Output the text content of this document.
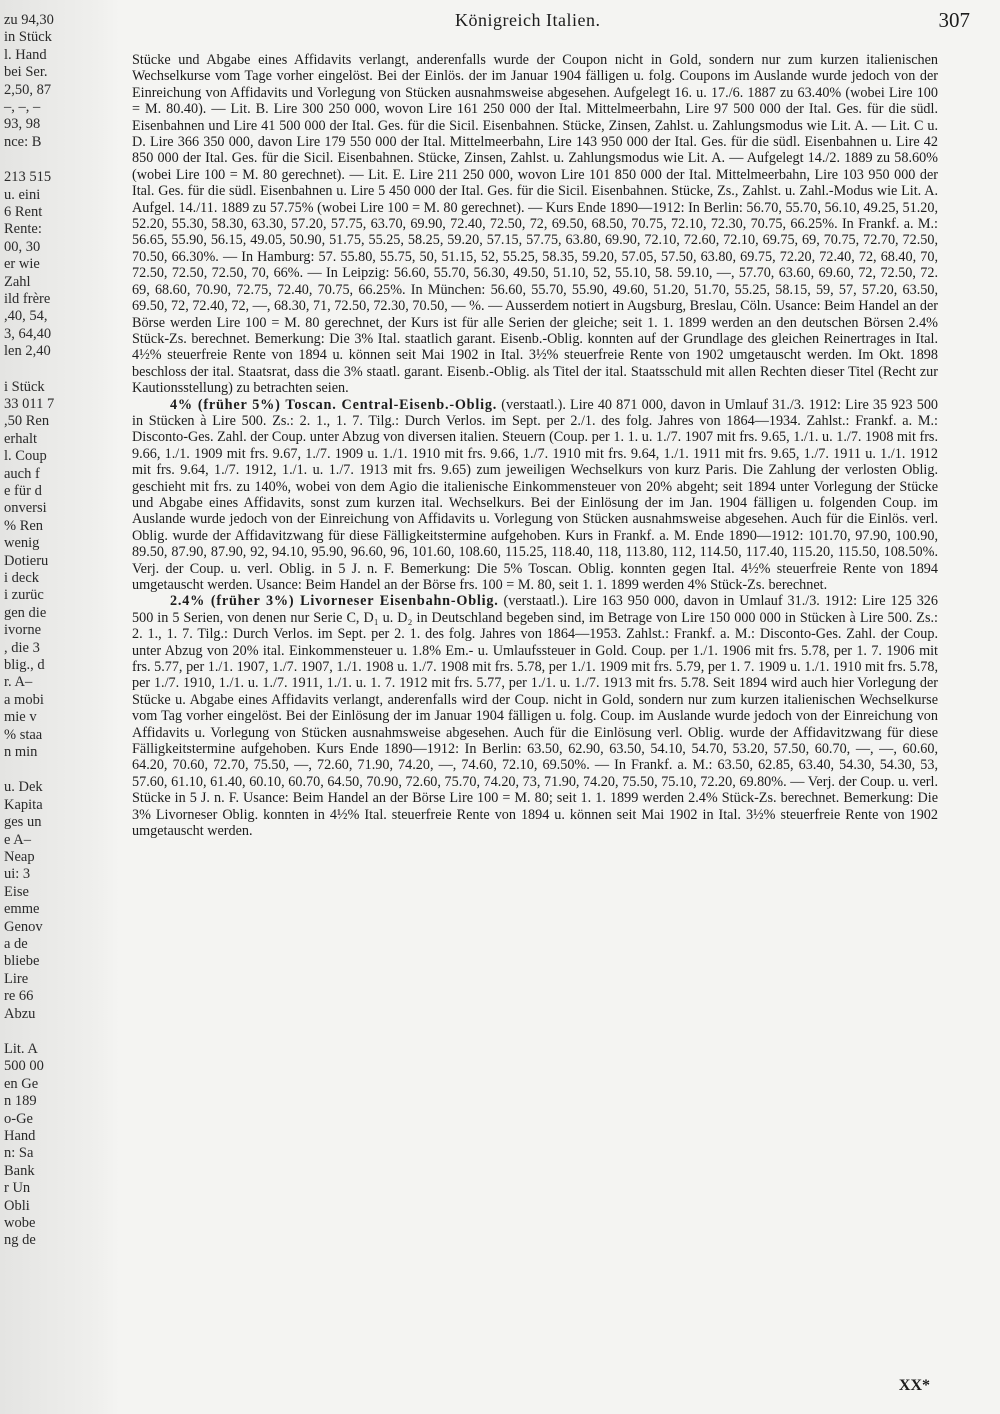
zu 94,30
in Stück
l. Hand
bei Ser.
2,50, 87
–, –, –
93, 98
nce: B
213 515
u. eini
6 Rent
Rente:
00, 30
er wie
Zahl
ild frère
,40, 54,
3, 64,40
len 2,40
i Stück
33 011 7
,50 Ren
erhalt
l. Coup
auch f
e für d
onversi
% Ren
wenig
Dotieru
i deck
i zurüc
gen die
ivorne
, die 3
blig., d
r. A–
a mobi
mie v
% staa
n min
u. Dek
Kapita
ges un
e A–
Neap
ui: 3
Eise
emme
Genov
a de
bliebe
Lire
re 66
Abzu
Lit. A
500 00
en Ge
n 189
o-Ge
Hand
n: Sa
Bank
r Un
Obli
wobe
ng de
Königreich Italien.	307

Stücke und Abgabe eines Affidavits verlangt, anderenfalls wurde der Coupon nicht in Gold, sondern nur zum kurzen italienischen Wechselkurse vom Tage vorher eingelöst. Bei der Einlös. der im Januar 1904 fälligen u. folg. Coupons im Auslande wurde jedoch von der Einreichung von Affidavits und Vorlegung von Stücken ausnahmsweise abgesehen. Aufgelegt 16. u. 17./6. 1887 zu 63.40% (wobei Lire 100 = M. 80.40). — Lit. B. Lire 300 250 000, wovon Lire 161 250 000 der Ital. Mittelmeerbahn, Lire 97 500 000 der Ital. Ges. für die südl. Eisenbahnen und Lire 41 500 000 der Ital. Ges. für die Sicil. Eisenbahnen. Stücke, Zinsen, Zahlst. u. Zahlungsmodus wie Lit. A. — Lit. C u. D. Lire 366 350 000, davon Lire 179 550 000 der Ital. Mittelmeerbahn, Lire 143 950 000 der Ital. Ges. für die südl. Eisenbahnen u. Lire 42 850 000 der Ital. Ges. für die Sicil. Eisenbahnen. Stücke, Zinsen, Zahlst. u. Zahlungsmodus wie Lit. A. — Aufgelegt 14./2. 1889 zu 58.60% (wobei Lire 100 = M. 80 gerechnet). — Lit. E. Lire 211 250 000, wovon Lire 101 850 000 der Ital. Mittelmeerbahn, Lire 103 950 000 der Ital. Ges. für die südl. Eisenbahnen u. Lire 5 450 000 der Ital. Ges. für die Sicil. Eisenbahnen. Stücke, Zs., Zahlst. u. Zahl.-Modus wie Lit. A. Aufgel. 14./11. 1889 zu 57.75% (wobei Lire 100 = M. 80 gerechnet). — Kurs Ende 1890—1912: In Berlin: 56.70, 55.70, 56.10, 49.25, 51.20, 52.20, 55.30, 58.30, 63.30, 57.20, 57.75, 63.70, 69.90, 72.40, 72.50, 72, 69.50, 68.50, 70.75, 72.10, 72.30, 70.75, 66.25%. In Frankf. a. M.: 56.65, 55.90, 56.15, 49.05, 50.90, 51.75, 55.25, 58.25, 59.20, 57.15, 57.75, 63.80, 69.90, 72.10, 72.60, 72.10, 69.75, 69, 70.75, 72.70, 72.50, 70.50, 66.30%. — In Hamburg: 57. 55.80, 55.75, 50, 51.15, 52, 55.25, 58.35, 59.20, 57.05, 57.50, 63.80, 69.75, 72.20, 72.40, 72, 68.40, 70, 72.50, 72.50, 72.50, 70, 66%. — In Leipzig: 56.60, 55.70, 56.30, 49.50, 51.10, 52, 55.10, 58. 59.10, —, 57.70, 63.60, 69.60, 72, 72.50, 72. 69, 68.60, 70.90, 72.75, 72.40, 70.75, 66.25%. In München: 56.60, 55.70, 55.90, 49.60, 51.20, 51.70, 55.25, 58.15, 59, 57, 57.20, 63.50, 69.50, 72, 72.40, 72, —, 68.30, 71, 72.50, 72.30, 70.50, — %. — Ausserdem notiert in Augsburg, Breslau, Cöln. Usance: Beim Handel an der Börse werden Lire 100 = M. 80 gerechnet, der Kurs ist für alle Serien der gleiche; seit 1. 1. 1899 werden an den deutschen Börsen 2.4% Stück-Zs. berechnet. Bemerkung: Die 3% Ital. staatlich garant. Eisenb.-Oblig. konnten auf der Grundlage des gleichen Reinertrages in Ital. 4½% steuerfreie Rente von 1894 u. können seit Mai 1902 in Ital. 3½% steuerfreie Rente von 1902 umgetauscht werden. Im Okt. 1898 beschloss der ital. Staatsrat, dass die 3% staatl. garant. Eisenb.-Oblig. als Titel der ital. Staatsschuld mit allen Rechten dieser Titel (Recht zur Kautionsstellung) zu betrachten seien.

4% (früher 5%) Toscan. Central-Eisenb.-Oblig. (verstaatl.). Lire 40 871 000, davon in Umlauf 31./3. 1912: Lire 35 923 500 in Stücken à Lire 500. Zs.: 2. 1., 1. 7. Tilg.: Durch Verlos. im Sept. per 2./1. des folg. Jahres von 1864—1934. Zahlst.: Frankf. a. M.: Disconto-Ges. Zahl. der Coup. unter Abzug von diversen italien. Steuern (Coup. per 1. 1. u. 1./7. 1907 mit frs. 9.65, 1./1. u. 1./7. 1908 mit frs. 9.66, 1./1. 1909 mit frs. 9.67, 1./7. 1909 u. 1./1. 1910 mit frs. 9.66, 1./7. 1910 mit frs. 9.64, 1./1. 1911 mit frs. 9.65, 1./7. 1911 u. 1./1. 1912 mit frs. 9.64, 1./7. 1912, 1./1. u. 1./7. 1913 mit frs. 9.65) zum jeweiligen Wechselkurs von kurz Paris. Die Zahlung der verlosten Oblig. geschieht mit frs. zu 140%, wobei von dem Agio die italienische Einkommensteuer von 20% abgeht; seit 1894 unter Vorlegung der Stücke und Abgabe eines Affidavits, sonst zum kurzen ital. Wechselkurs. Bei der Einlösung der im Jan. 1904 fälligen u. folgenden Coup. im Auslande wurde jedoch von der Einreichung von Affidavits u. Vorlegung von Stücken ausnahmsweise abgesehen. Auch für die Einlös. verl. Oblig. wurde der Affidavitzwang für diese Fälligkeitstermine aufgehoben. Kurs in Frankf. a. M. Ende 1890—1912: 101.70, 97.90, 100.90, 89.50, 87.90, 87.90, 92, 94.10, 95.90, 96.60, 96, 101.60, 108.60, 115.25, 118.40, 118, 113.80, 112, 114.50, 117.40, 115.20, 115.50, 108.50%. Verj. der Coup. u. verl. Oblig. in 5 J. n. F. Bemerkung: Die 5% Toscan. Oblig. konnten gegen Ital. 4½% steuerfreie Rente von 1894 umgetauscht werden. Usance: Beim Handel an der Börse frs. 100 = M. 80, seit 1. 1. 1899 werden 4% Stück-Zs. berechnet.

2.4% (früher 3%) Livorneser Eisenbahn-Oblig. (verstaatl.). Lire 163 950 000, davon in Umlauf 31./3. 1912: Lire 125 326 500 in 5 Serien, von denen nur Serie C, D₁ u. D₂ in Deutschland begeben sind, im Betrage von Lire 150 000 000 in Stücken à Lire 500. Zs.: 2. 1., 1. 7. Tilg.: Durch Verlos. im Sept. per 2. 1. des folg. Jahres von 1864—1953. Zahlst.: Frankf. a. M.: Disconto-Ges. Zahl. der Coup. unter Abzug von 20% ital. Einkommensteuer u. 1.8% Em.- u. Umlaufssteuer in Gold. Coup. per 1./1. 1906 mit frs. 5.78, per 1. 7. 1906 mit frs. 5.77, per 1./1. 1907, 1./7. 1907, 1./1. 1908 u. 1./7. 1908 mit frs. 5.78, per 1./1. 1909 mit frs. 5.79, per 1. 7. 1909 u. 1./1. 1910 mit frs. 5.78, per 1./7. 1910, 1./1. u. 1./7. 1911, 1./1. u. 1. 7. 1912 mit frs. 5.77, per 1./1. u. 1./7. 1913 mit frs. 5.78. Seit 1894 wird auch hier Vorlegung der Stücke u. Abgabe eines Affidavits verlangt, anderenfalls wird der Coup. nicht in Gold, sondern nur zum kurzen italienischen Wechselkurse vom Tag vorher eingelöst. Bei der Einlösung der im Januar 1904 fälligen u. folg. Coup. im Auslande wurde jedoch von der Einreichung von Affidavits u. Vorlegung von Stücken ausnahmsweise abgesehen. Auch für die Einlösung verl. Oblig. wurde der Affidavitzwang für diese Fälligkeitstermine aufgehoben. Kurs Ende 1890—1912: In Berlin: 63.50, 62.90, 63.50, 54.10, 54.70, 53.20, 57.50, 60.70, —, —, 60.60, 64.20, 70.60, 72.70, 75.50, —, 72.60, 71.90, 74.20, —, 74.60, 72.10, 69.50%. — In Frankf. a. M.: 63.50, 62.85, 63.40, 54.30, 54.30, 53, 57.60, 61.10, 61.40, 60.10, 60.70, 64.50, 70.90, 72.60, 75.70, 74.20, 73, 71.90, 74.20, 75.50, 75.10, 72.20, 69.80%. — Verj. der Coup. u. verl. Stücke in 5 J. n. F. Usance: Beim Handel an der Börse Lire 100 = M. 80; seit 1. 1. 1899 werden 2.4% Stück-Zs. berechnet. Bemerkung: Die 3% Livorneser Oblig. konnten in 4½% Ital. steuerfreie Rente von 1894 u. können seit Mai 1902 in Ital. 3½% steuerfreie Rente von 1902 umgetauscht werden.

XX*
